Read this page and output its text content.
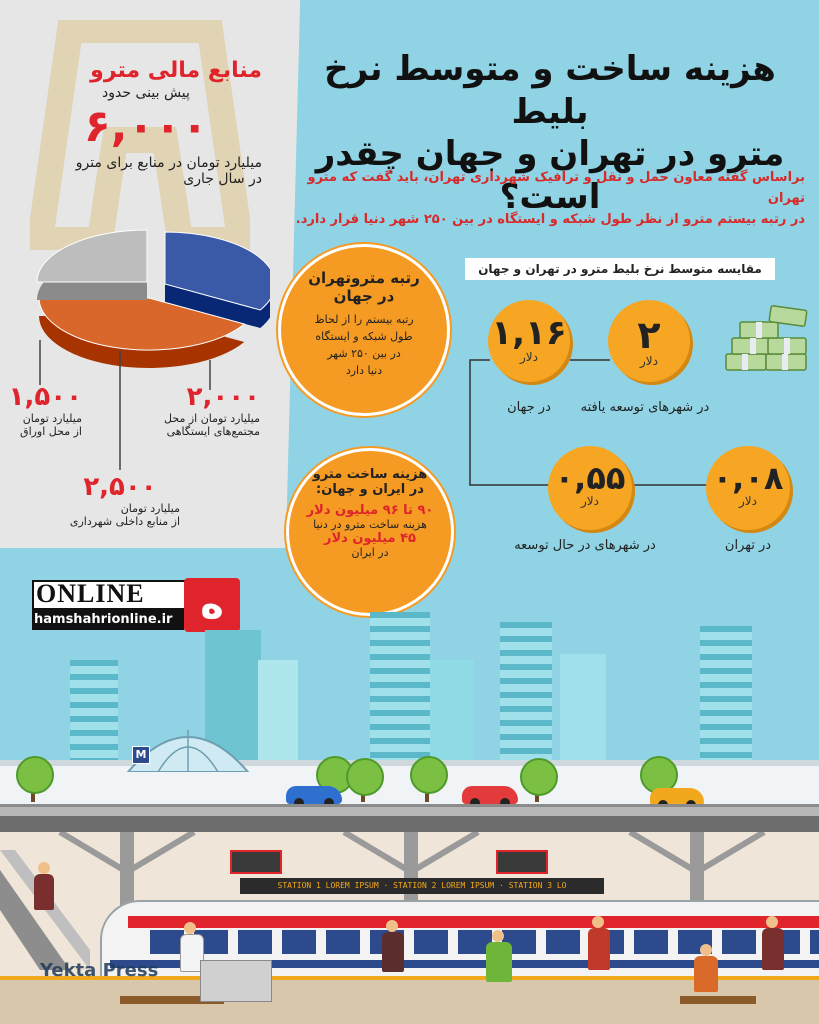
منابع مالی مترو
پیش بینی حدود
۶,۰۰۰
میلیارد تومان در منابع برای مترو
در سال جاری
۲,۰۰۰
میلیارد تومان از محل
مجتمع‌های ایستگاهی
۱,۵۰۰
میلیارد تومان
از محل اوراق
۲,۵۰۰
میلیارد تومان
از منابع داخلی شهرداری
هزینه ساخت و متوسط نرخ بلیط
مترو در تهران و جهان چقدر است؟
براساس گفته معاون حمل و نقل و ترافیک شهرداری تهران، باید گفت که مترو تهران
در رتبه بیستم مترو از نظر طول شبکه و ایستگاه در بین ۲۵۰ شهر دنیا قرار دارد.
رتبه متروتهران
در جهان
رتبه بیستم را از لحاظ
طول شبکه و ایستگاه
در بین ۲۵۰ شهر
دنیا دارد
هزینه ساخت مترو
در ایران و جهان:
۹۰ تا ۹۶ میلیون دلار
هزینه ساخت مترو در دنیا
۴۵ میلیون دلار
در ایران
مقایسه متوسط نرخ بلیط مترو در تهران و جهان
۲
دلار
در شهرهای توسعه یافته
۱,۱۶
دلار
در جهان
۰,۰۸
دلار
در تهران
۰,۵۵
دلار
در شهرهای در حال توسعه
ONLINE
hamshahrionline.ir ه
M
STATION 1 LOREM IPSUM · STATION 2 LOREM IPSUM · STATION 3 LO
Yekta Press
